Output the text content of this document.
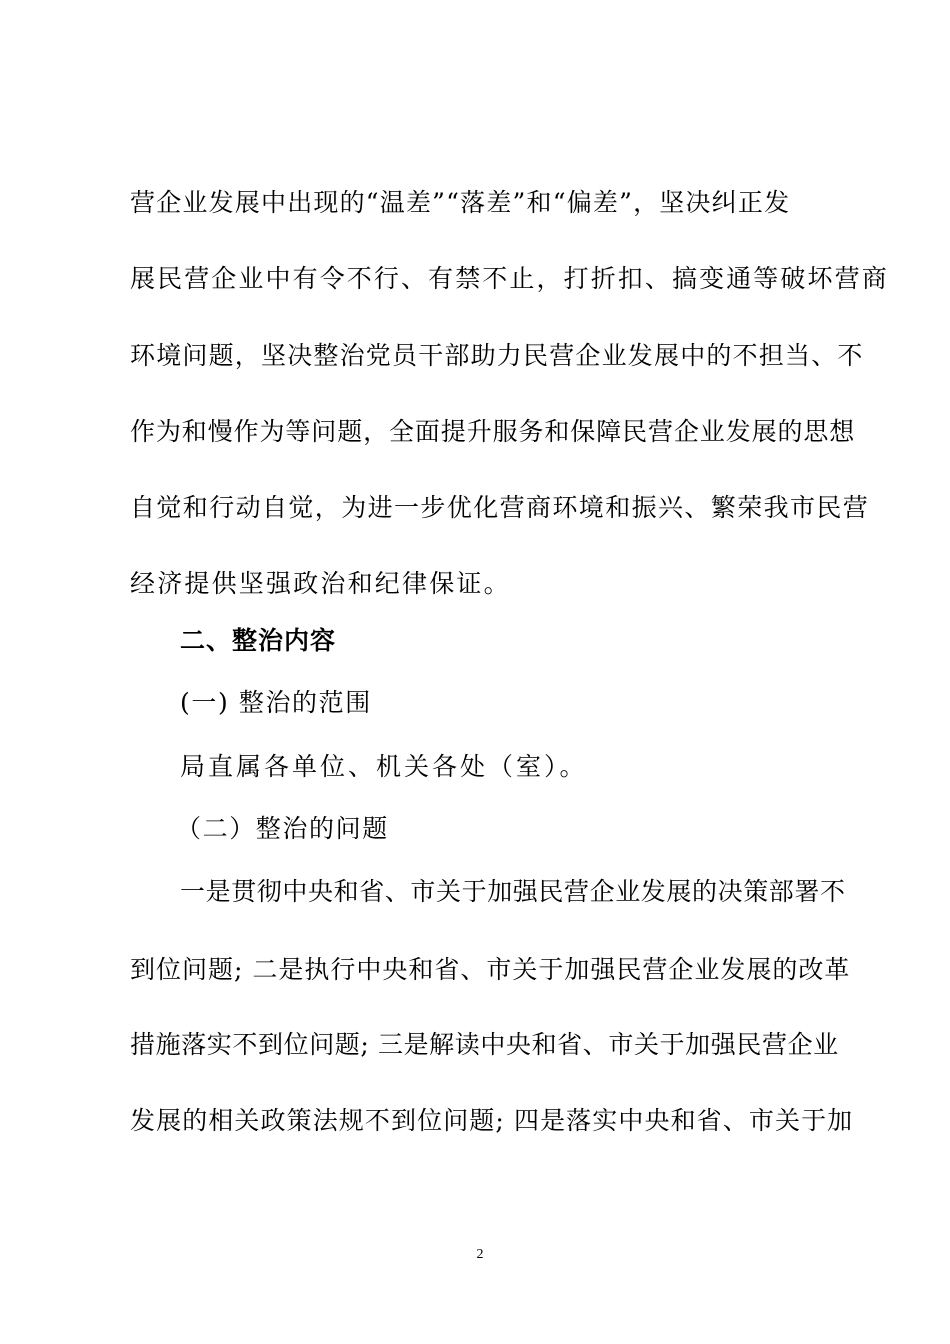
营企业发展中出现的“温差”“落差”和“偏差”，坚决纠正发
展民营企业中有令不行、有禁不止，打折扣、搞变通等破坏营商
环境问题，坚决整治党员干部助力民营企业发展中的不担当、不
作为和慢作为等问题，全面提升服务和保障民营企业发展的思想
自觉和行动自觉，为进一步优化营商环境和振兴、繁荣我市民营
经济提供坚强政治和纪律保证。
二、整治内容
(一) 整治的范围
局直属各单位、机关各处（室）。
（二）整治的问题
一是贯彻中央和省、市关于加强民营企业发展的决策部署不
到位问题; 二是执行中央和省、市关于加强民营企业发展的改革
措施落实不到位问题; 三是解读中央和省、市关于加强民营企业
发展的相关政策法规不到位问题; 四是落实中央和省、市关于加
2
